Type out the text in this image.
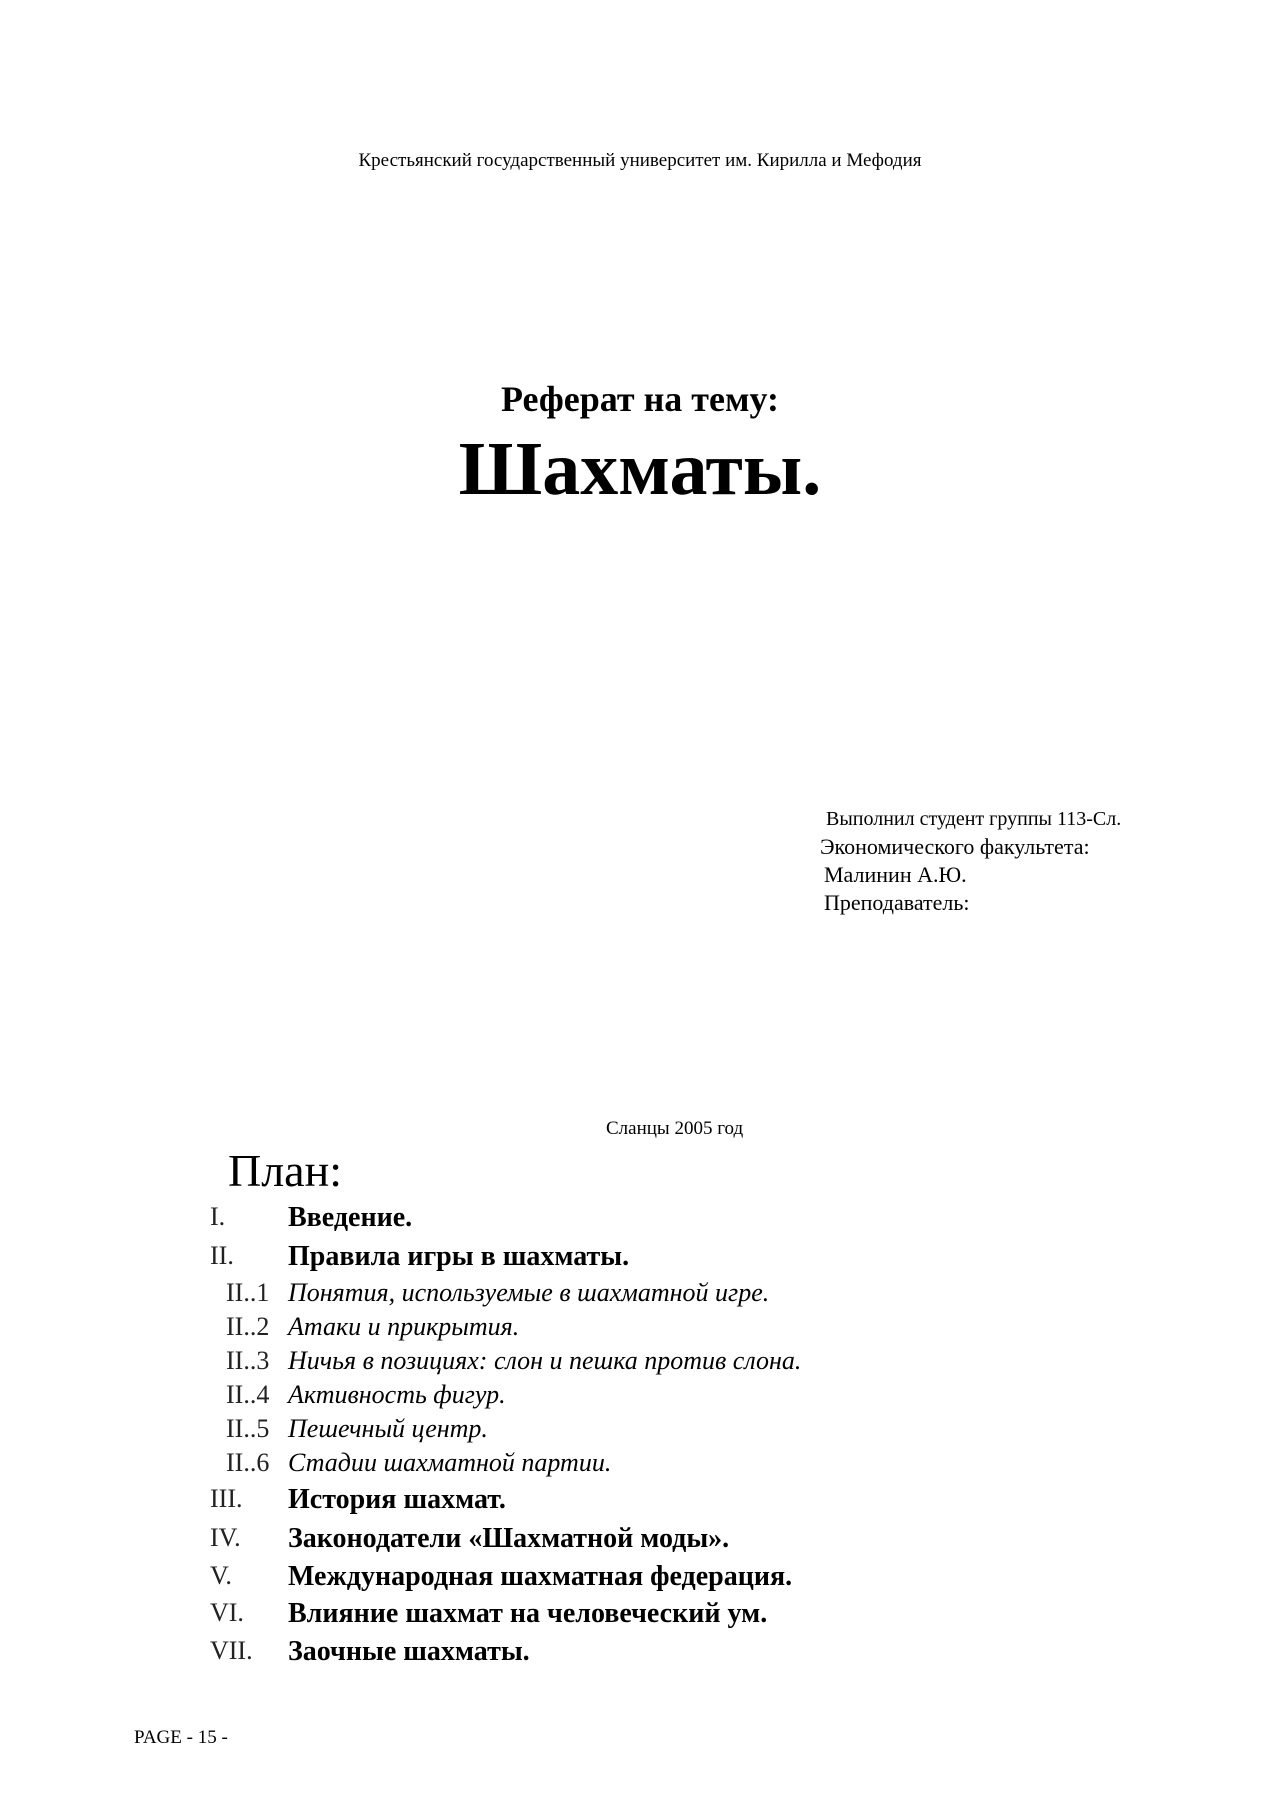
Крестьянский государственный университет им. Кирилла и Мефодия
Реферат на тему:
Шахматы.
Выполнил студент группы 113-Сл.
Экономического факультета:
Малинин А.Ю.
Преподаватель:
Сланцы 2005 год
План:
I. Введение.
II. Правила игры в шахматы.
II..1 Понятия, используемые в шахматной игре.
II..2 Атаки и прикрытия.
II..3 Ничья в позициях: слон и пешка против слона.
II..4 Активность фигур.
II..5 Пешечный центр.
II..6 Стадии шахматной партии.
III. История шахмат.
IV. Законодатели «Шахматной моды».
V. Международная шахматная федерация.
VI. Влияние шахмат на человеческий ум.
VII. Заочные шахматы.
PAGE - 15 -
